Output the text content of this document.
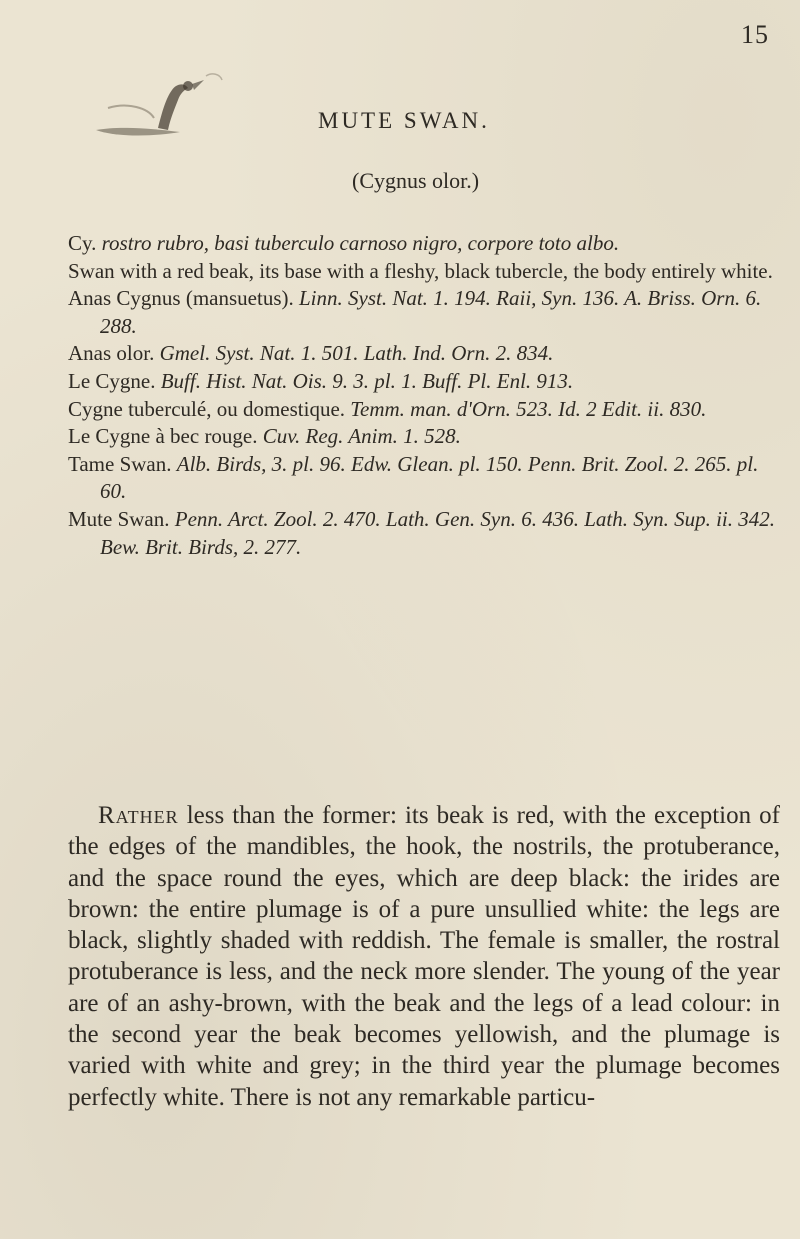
15
MUTE SWAN.
(Cygnus olor.)

Cy. rostro rubro, basi tuberculo carnoso nigro, corpore toto albo.

Swan with a red beak, its base with a fleshy, black tubercle, the body entirely white.

Anas Cygnus (mansuetus). Linn. Syst. Nat. 1. 194. Raii, Syn. 136. A. Briss. Orn. 6. 288.

Anas olor. Gmel. Syst. Nat. 1. 501. Lath. Ind. Orn. 2. 834.

Le Cygne. Buff. Hist. Nat. Ois. 9. 3. pl. 1. Buff. Pl. Enl. 913.

Cygne tuberculé, ou domestique. Temm. man. d'Orn. 523. Id. 2 Edit. ii. 830.

Le Cygne à bec rouge. Cuv. Reg. Anim. 1. 528.

Tame Swan. Alb. Birds, 3. pl. 96. Edw. Glean. pl. 150. Penn. Brit. Zool. 2. 265. pl. 60.

Mute Swan. Penn. Arct. Zool. 2. 470. Lath. Gen. Syn. 6. 436. Lath. Syn. Sup. ii. 342. Bew. Brit. Birds, 2. 277.

Rather less than the former: its beak is red, with the exception of the edges of the mandibles, the hook, the nostrils, the protuberance, and the space round the eyes, which are deep black: the irides are brown: the entire plumage is of a pure unsullied white: the legs are black, slightly shaded with reddish. The female is smaller, the rostral protuberance is less, and the neck more slender. The young of the year are of an ashy-brown, with the beak and the legs of a lead colour: in the second year the beak becomes yellowish, and the plumage is varied with white and grey; in the third year the plumage becomes perfectly white. There is not any remarkable particu-
